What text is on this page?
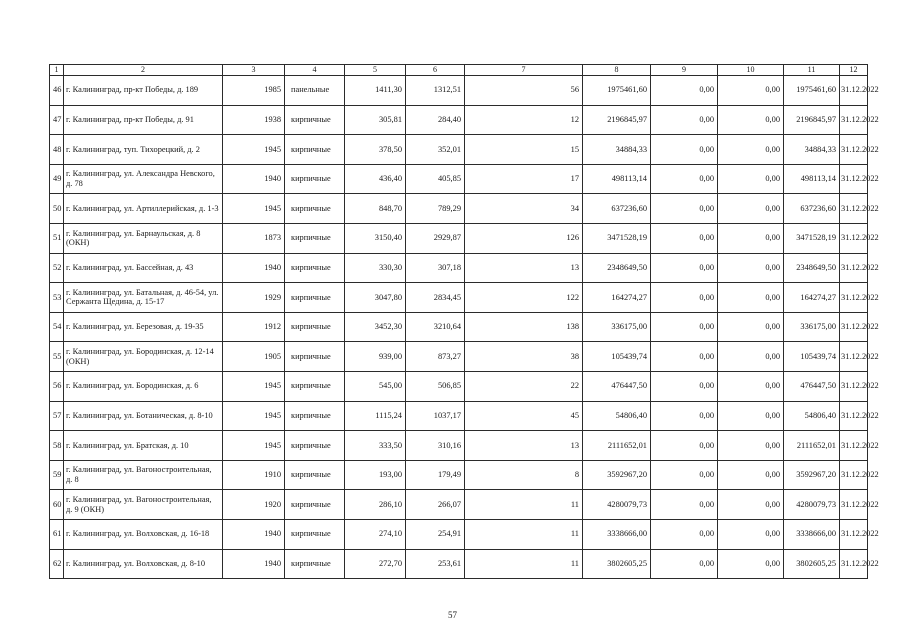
1	2	3	4	5	6	7	8	9	10	11	12
46	г. Калининград, пр-кт Победы, д. 189	1985	панельные	1411,30	1312,51	56	1975461,60	0,00	0,00	1975461,60	31.12.2022
47	г. Калининград, пр-кт Победы, д. 91	1938	кирпичные	305,81	284,40	12	2196845,97	0,00	0,00	2196845,97	31.12.2022
48	г. Калининград, туп. Тихорецкий, д. 2	1945	кирпичные	378,50	352,01	15	34884,33	0,00	0,00	34884,33	31.12.2022
49	г. Калининград, ул. Александра Невского, д. 78	1940	кирпичные	436,40	405,85	17	498113,14	0,00	0,00	498113,14	31.12.2022
50	г. Калининград, ул. Артиллерийская, д. 1-3	1945	кирпичные	848,70	789,29	34	637236,60	0,00	0,00	637236,60	31.12.2022
51	г. Калининград, ул. Барнаульская, д. 8 (ОКН)	1873	кирпичные	3150,40	2929,87	126	3471528,19	0,00	0,00	3471528,19	31.12.2022
52	г. Калининград, ул. Бассейная, д. 43	1940	кирпичные	330,30	307,18	13	2348649,50	0,00	0,00	2348649,50	31.12.2022
53	г. Калининград, ул. Батальная, д. 46-54, ул. Сержанта Щедина, д. 15-17	1929	кирпичные	3047,80	2834,45	122	164274,27	0,00	0,00	164274,27	31.12.2022
54	г. Калининград, ул. Березовая, д. 19-35	1912	кирпичные	3452,30	3210,64	138	336175,00	0,00	0,00	336175,00	31.12.2022
55	г. Калининград, ул. Бородинская, д. 12-14 (ОКН)	1905	кирпичные	939,00	873,27	38	105439,74	0,00	0,00	105439,74	31.12.2022
56	г. Калининград, ул. Бородинская, д. 6	1945	кирпичные	545,00	506,85	22	476447,50	0,00	0,00	476447,50	31.12.2022
57	г. Калининград, ул. Ботаническая, д. 8-10	1945	кирпичные	1115,24	1037,17	45	54806,40	0,00	0,00	54806,40	31.12.2022
58	г. Калининград, ул. Братская, д. 10	1945	кирпичные	333,50	310,16	13	2111652,01	0,00	0,00	2111652,01	31.12.2022
59	г. Калининград, ул. Вагоностроительная, д. 8	1910	кирпичные	193,00	179,49	8	3592967,20	0,00	0,00	3592967,20	31.12.2022
60	г. Калининград, ул. Вагоностроительная, д. 9 (ОКН)	1920	кирпичные	286,10	266,07	11	4280079,73	0,00	0,00	4280079,73	31.12.2022
61	г. Калининград, ул. Волховская, д. 16-18	1940	кирпичные	274,10	254,91	11	3338666,00	0,00	0,00	3338666,00	31.12.2022
62	г. Калининград, ул. Волховская, д. 8-10	1940	кирпичные	272,70	253,61	11	3802605,25	0,00	0,00	3802605,25	31.12.2022
57
